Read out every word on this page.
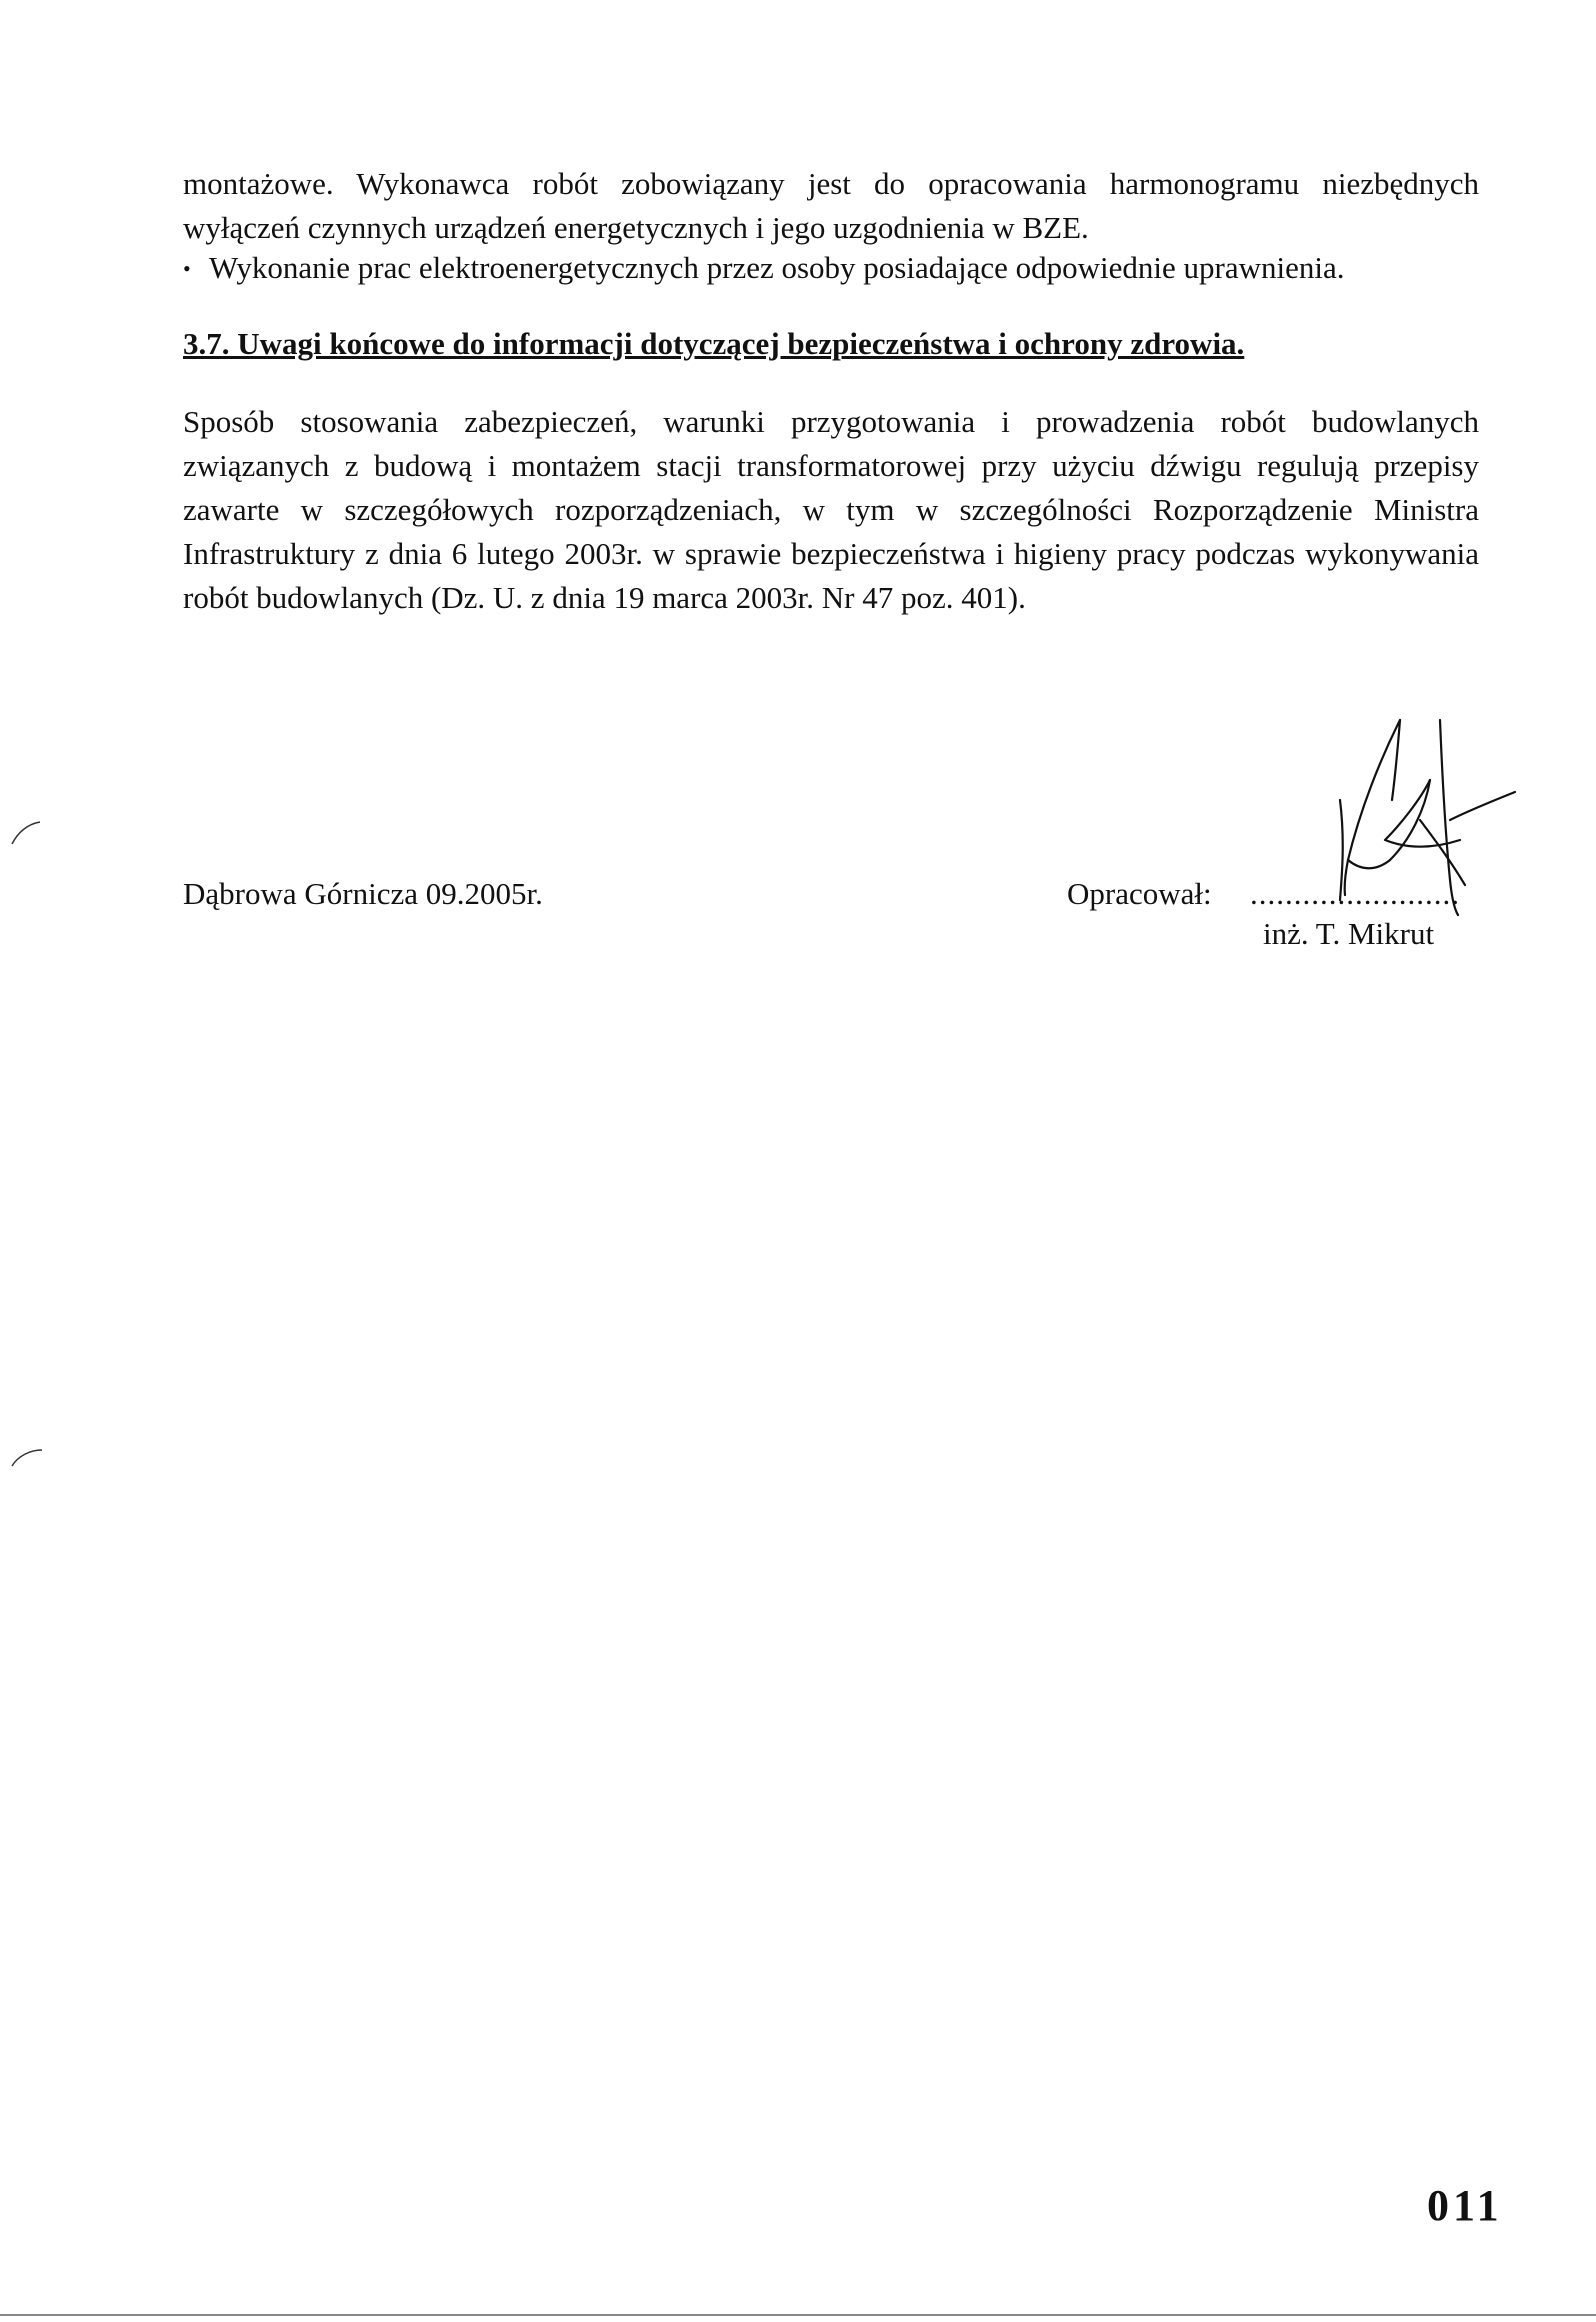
montażowe. Wykonawca robót zobowiązany jest do opracowania harmonogramu niezbędnych wyłączeń czynnych urządzeń energetycznych i jego uzgodnienia w BZE.
• Wykonanie prac elektroenergetycznych przez osoby posiadające odpowiednie uprawnienia.
3.7. Uwagi końcowe do informacji dotyczącej bezpieczeństwa i ochrony zdrowia.
Sposób stosowania zabezpieczeń, warunki przygotowania i prowadzenia robót budowlanych związanych z budową i montażem stacji transformatorowej przy użyciu dźwigu regulują przepisy zawarte w szczegółowych rozporządzeniach, w tym w szczególności Rozporządzenie Ministra Infrastruktury z dnia 6 lutego 2003r. w sprawie bezpieczeństwa i higieny pracy podczas wykonywania robót budowlanych (Dz. U. z dnia 19 marca 2003r. Nr 47 poz. 401).
Dąbrowa Górnicza 09.2005r.	Opracował: ........................
inż. T. Mikrut
011
